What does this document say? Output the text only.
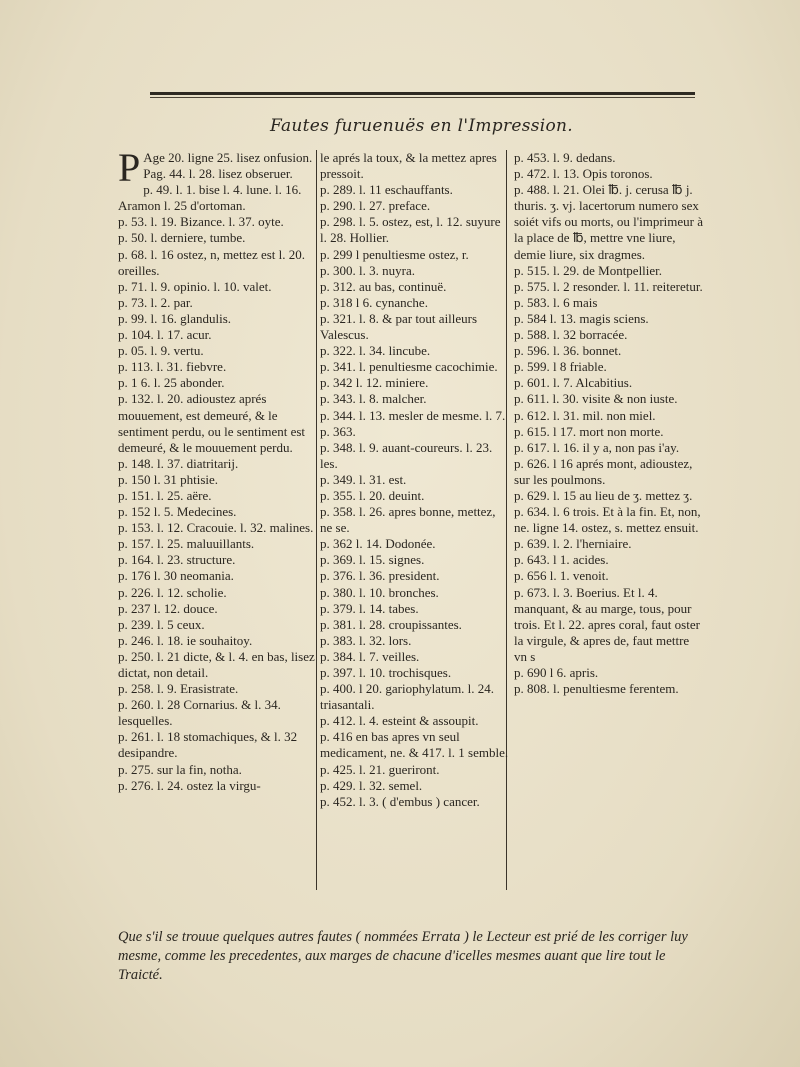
Fautes furuenuës en l'Impression.

P Age 20. ligne 25. lisez onfusion.

Pag. 44. l. 28. lisez obseruer.

p. 49. l. 1. bise l. 4. lune. l. 16. Aramon l. 25 d'ortoman.

p. 53. l. 19. Bizance. l. 37. oyte.

p. 50. l. derniere, tumbe.

p. 68. l. 16 ostez, n, mettez est l. 20. oreilles.

p. 71. l. 9. opinio. l. 10. valet.

p. 73. l. 2. par.

p. 99. l. 16. glandulis.

p. 104. l. 17. acur.

p. 05. l. 9. vertu.

p. 113. l. 31. fiebvre.

p. 1 6. l. 25 abonder.

p. 132. l. 20. adioustez aprés mouuement, est demeuré, & le sentiment perdu, ou le sentiment est demeuré, & le mouuement perdu.

p. 148. l. 37. diatritarij.

p. 150 l. 31 phtisie.

p. 151. l. 25. aëre.

p. 152 l. 5. Medecines.

p. 153. l. 12. Cracouie. l. 32. malines.

p. 157. l. 25. maluuillants.

p. 164. l. 23. structure.

p. 176 l. 30 neomania.

p. 226. l. 12. scholie.

p. 237 l. 12. douce.

p. 239. l. 5 ceux.

p. 246. l. 18. ie souhaitoy.

p. 250. l. 21 dicte, & l. 4. en bas, lisez dictat, non detail.

p. 258. l. 9. Erasistrate.

p. 260. l. 28 Cornarius. & l. 34. lesquelles.

p. 261. l. 18 stomachiques, & l. 32 desipandre.

p. 275. sur la fin, notha.

p. 276. l. 24. ostez la virgu-

le aprés la toux, & la mettez apres pressoit.

p. 289. l. 11 eschauffants.

p. 290. l. 27. preface.

p. 298. l. 5. ostez, est, l. 12. suyure l. 28. Hollier.

p. 299 l penultiesme ostez, r.

p. 300. l. 3. nuyra.

p. 312. au bas, continuë.

p. 318 l 6. cynanche.

p. 321. l. 8. & par tout ailleurs Valescus.

p. 322. l. 34. lincube.

p. 341. l. penultiesme cacochimie.

p. 342 l. 12. miniere.

p. 343. l. 8. malcher.

p. 344. l. 13. mesler de mesme. l. 7. p. 363.

p. 348. l. 9. auant-coureurs. l. 23. les.

p. 349. l. 31. est.

p. 355. l. 20. deuint.

p. 358. l. 26. apres bonne, mettez, ne se.

p. 362 l. 14. Dodonée.

p. 369. l. 15. signes.

p. 376. l. 36. president.

p. 380. l. 10. bronches.

p. 379. l. 14. tabes.

p. 381. l. 28. croupissantes.

p. 383. l. 32. lors.

p. 384. l. 7. veilles.

p. 397. l. 10. trochisques.

p. 400. l 20. gariophylatum. l. 24. triasantali.

p. 412. l. 4. esteint & assoupit.

p. 416 en bas apres vn seul medicament, ne. & 417. l. 1 semble.

p. 425. l. 21. gueriront.

p. 429. l. 32. semel.

p. 452. l. 3. ( d'embus ) cancer.

p. 453. l. 9. dedans.

p. 472. l. 13. Opis toronos.

p. 488. l. 21. Olei ℔. j. cerusa ℔ j. thuris. ʒ. vj. lacertorum numero sex soiét vifs ou morts, ou l'imprimeur à la place de ℔, mettre vne liure, demie liure, six dragmes.

p. 515. l. 29. de Montpellier.

p. 575. l. 2 resonder. l. 11. reiteretur.

p. 583. l. 6 mais

p. 584 l. 13. magis sciens.

p. 588. l. 32 borracée.

p. 596. l. 36. bonnet.

p. 599. l 8 friable.

p. 601. l. 7. Alcabitius.

p. 611. l. 30. visite & non iuste.

p. 612. l. 31. mil. non miel.

p. 615. l 17. mort non morte.

p. 617. l. 16. il y a, non pas i'ay.

p. 626. l 16 aprés mont, adioustez, sur les poulmons.

p. 629. l. 15 au lieu de ʒ. mettez ʒ.

p. 634. l. 6 trois. Et à la fin. Et, non, ne. ligne 14. ostez, s. mettez ensuit.

p. 639. l. 2. l'herniaire.

p. 643. l 1. acides.

p. 656 l. 1. venoit.

p. 673. l. 3. Boerius. Et l. 4. manquant, & au marge, tous, pour trois. Et l. 22. apres coral, faut oster la virgule, & apres de, faut mettre vn s

p. 690 l 6. apris.

p. 808. l. penultiesme ferentem.

Que s'il se trouue quelques autres fautes ( nommées Errata ) le Lecteur est prié de les corriger luy mesme, comme les precedentes, aux marges de chacune d'icelles mesmes auant que lire tout le Traicté.
